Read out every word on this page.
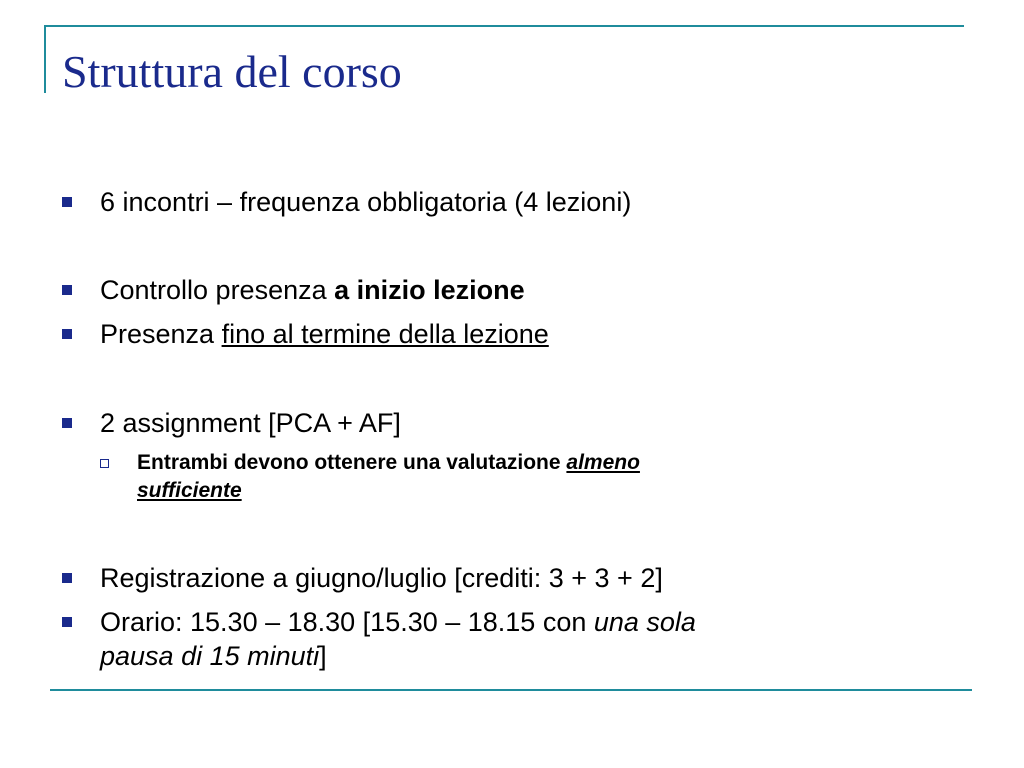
Struttura del corso
6 incontri – frequenza obbligatoria (4 lezioni)
Controllo presenza a inizio lezione
Presenza fino al termine della lezione
2 assignment [PCA + AF]
Entrambi devono ottenere una valutazione almeno
sufficiente
Registrazione a giugno/luglio [crediti: 3 + 3 + 2]
Orario: 15.30 – 18.30 [15.30 – 18.15 con una sola
pausa di 15 minuti]
